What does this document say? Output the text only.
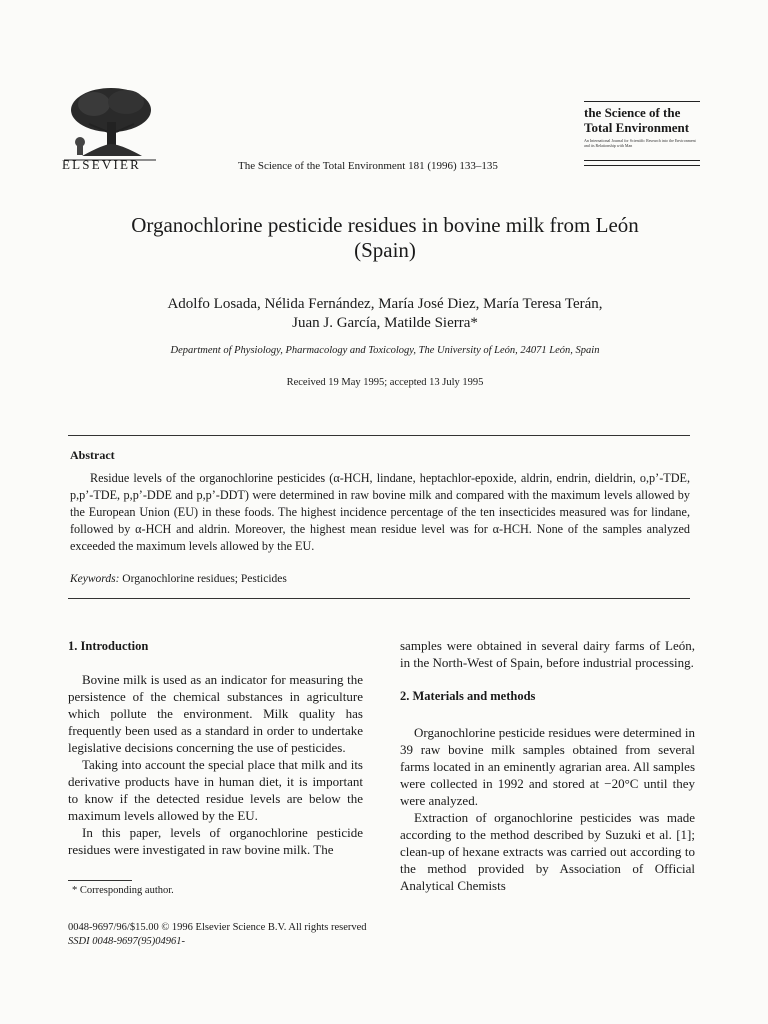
ELSEVIER	The Science of the Total Environment 181 (1996) 133–135
the Science of the
Total Environment
An International Journal for Scientific Research into the Environment and its Relationship with Man
Organochlorine pesticide residues in bovine milk from León
(Spain)
Adolfo Losada, Nélida Fernández, María José Diez, María Teresa Terán,
Juan J. García, Matilde Sierra*
Department of Physiology, Pharmacology and Toxicology, The University of León, 24071 León, Spain
Received 19 May 1995; accepted 13 July 1995
Abstract
Residue levels of the organochlorine pesticides (α-HCH, lindane, heptachlor-epoxide, aldrin, endrin, dieldrin, o,p’-TDE, p,p’-TDE, p,p’-DDE and p,p’-DDT) were determined in raw bovine milk and compared with the maximum levels allowed by the European Union (EU) in these foods. The highest incidence percentage of the ten insecticides measured was for lindane, followed by α-HCH and aldrin. Moreover, the highest mean residue level was for α-HCH. None of the samples analyzed exceeded the maximum levels allowed by the EU.
Keywords: Organochlorine residues; Pesticides
1. Introduction

Bovine milk is used as an indicator for measuring the persistence of the chemical substances in agriculture which pollute the environment. Milk quality has frequently been used as a standard in order to undertake legislative decisions concerning the use of pesticides.

Taking into account the special place that milk and its derivative products have in human diet, it is important to know if the detected residue levels are below the maximum levels allowed by the EU.

In this paper, levels of organochlorine pesticide residues were investigated in raw bovine milk. The

samples were obtained in several dairy farms of León, in the North-West of Spain, before industrial processing.

2. Materials and methods

Organochlorine pesticide residues were determined in 39 raw bovine milk samples obtained from several farms located in an eminently agrarian area. All samples were collected in 1992 and stored at −20°C until they were analyzed.

Extraction of organochlorine pesticides was made according to the method described by Suzuki et al. [1]; clean-up of hexane extracts was carried out according to the method provided by Association of Official Analytical Chemists

* Corresponding author.
0048-9697/96/$15.00 © 1996 Elsevier Science B.V. All rights reserved
SSDI 0048-9697(95)04961-
